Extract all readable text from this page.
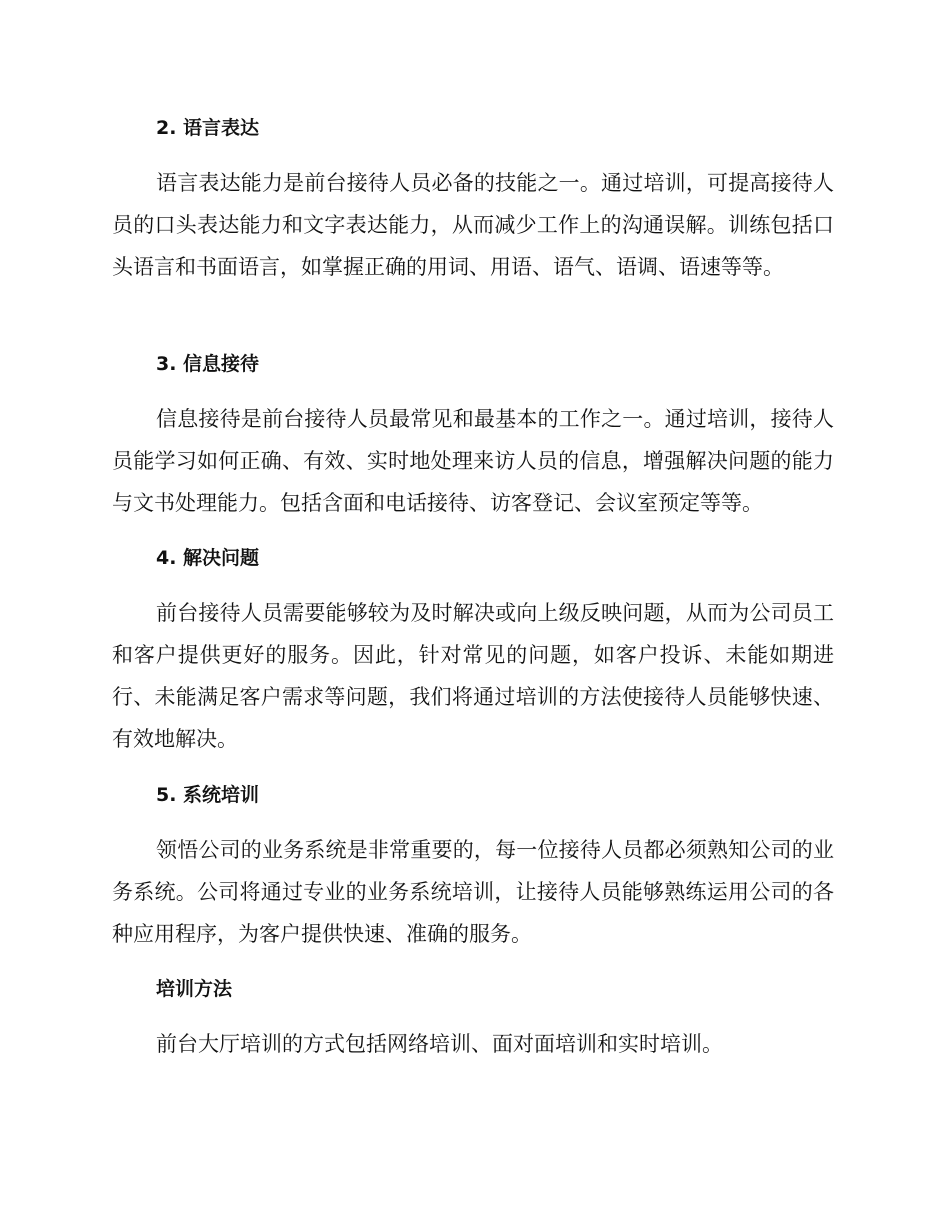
2. 语言表达

语言表达能力是前台接待人员必备的技能之一。通过培训，可提高接待人员的口头表达能力和文字表达能力，从而减少工作上的沟通误解。训练包括口头语言和书面语言，如掌握正确的用词、用语、语气、语调、语速等等。

3. 信息接待

信息接待是前台接待人员最常见和最基本的工作之一。通过培训，接待人员能学习如何正确、有效、实时地处理来访人员的信息，增强解决问题的能力与文书处理能力。包括含面和电话接待、访客登记、会议室预定等等。

4. 解决问题

前台接待人员需要能够较为及时解决或向上级反映问题，从而为公司员工和客户提供更好的服务。因此，针对常见的问题，如客户投诉、未能如期进行、未能满足客户需求等问题，我们将通过培训的方法使接待人员能够快速、有效地解决。

5. 系统培训

领悟公司的业务系统是非常重要的，每一位接待人员都必须熟知公司的业务系统。公司将通过专业的业务系统培训，让接待人员能够熟练运用公司的各种应用程序，为客户提供快速、准确的服务。

培训方法

前台大厅培训的方式包括网络培训、面对面培训和实时培训。
